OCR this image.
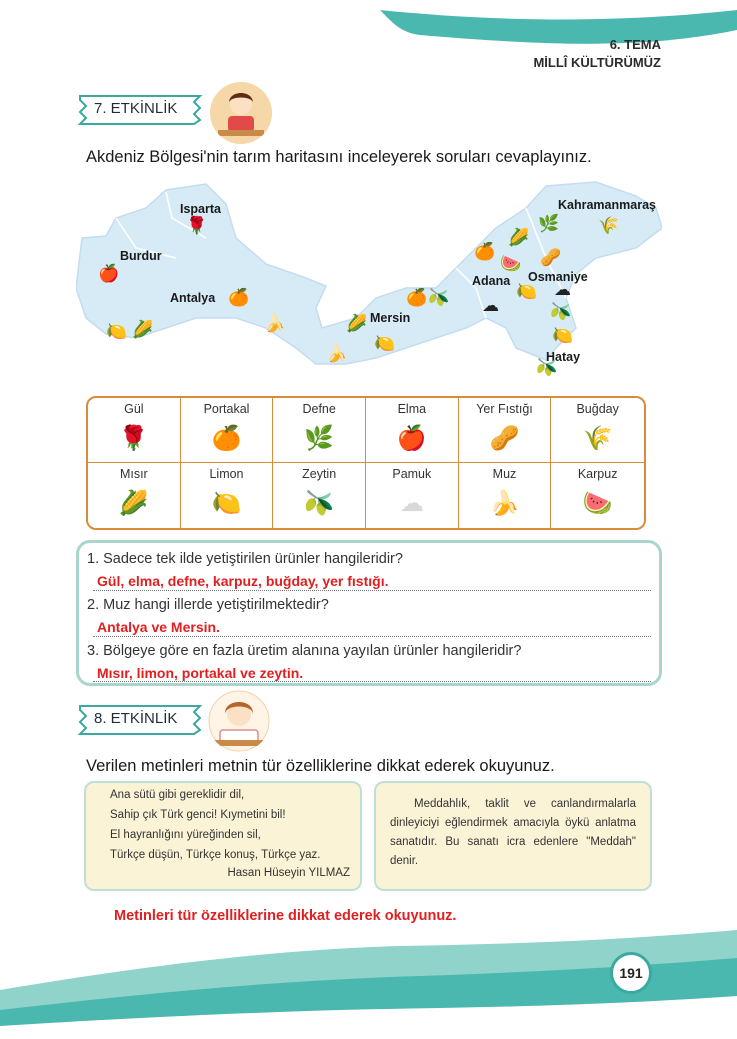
6. TEMA
MİLLÎ KÜLTÜRÜMÜZ
7. ETKİNLİK
Akdeniz Bölgesi'nin tarım haritasını inceleyerek soruları cevaplayınız.
Isparta
Burdur
Antalya
Mersin
Adana Osmaniye
Kahramanmaraş
Hatay
🌹
🍎
🍊
🍋 🌽	🍌
🍌
🌽
🍋
🍊 🫒
🍊
🍉
🌽
🥜
🌿 🌾
🍋 ☁
☁	🫒
🍋
🫒
Gül
🌹
Portakal
🍊
Defne
🌿
Elma
🍎
Yer Fıstığı
🥜
Buğday
🌾
Mısır
🌽
Limon
🍋
Zeytin
🫒
Pamuk
☁
Muz
🍌
Karpuz
🍉
1. Sadece tek ilde yetiştirilen ürünler hangileridir?
Gül, elma, defne, karpuz, buğday, yer fıstığı.
2. Muz hangi illerde yetiştirilmektedir?
Antalya ve Mersin.
3. Bölgeye göre en fazla üretim alanına yayılan ürünler hangileridir?
Mısır, limon, portakal ve zeytin.
8. ETKİNLİK
Verilen metinleri metnin tür özelliklerine dikkat ederek okuyunuz.
Ana sütü gibi gereklidir dil,
Sahip çık Türk genci! Kıymetini bil!
El hayranlığını yüreğinden sil,
Türkçe düşün, Türkçe konuş, Türkçe yaz.
Hasan Hüseyin YILMAZ
Meddahlık, taklit ve canlandırmalarla dinleyiciyi eğlendirmek amacıyla öykü anlatma sanatıdır. Bu sanatı icra edenlere "Meddah" denir.
Metinleri tür özelliklerine dikkat ederek okuyunuz.
191
